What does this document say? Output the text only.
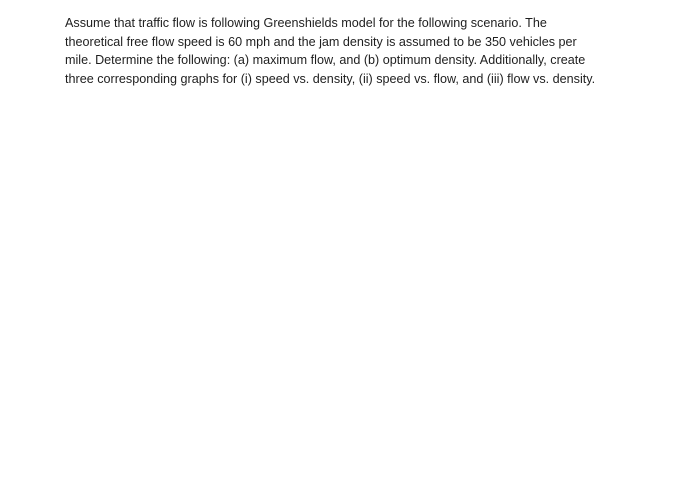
Assume that traffic flow is following Greenshields model for the following scenario. The
theoretical free flow speed is 60 mph and the jam density is assumed to be 350 vehicles per
mile. Determine the following: (a) maximum flow, and (b) optimum density. Additionally, create
three corresponding graphs for (i) speed vs. density, (ii) speed vs. flow, and (iii) flow vs. density.
